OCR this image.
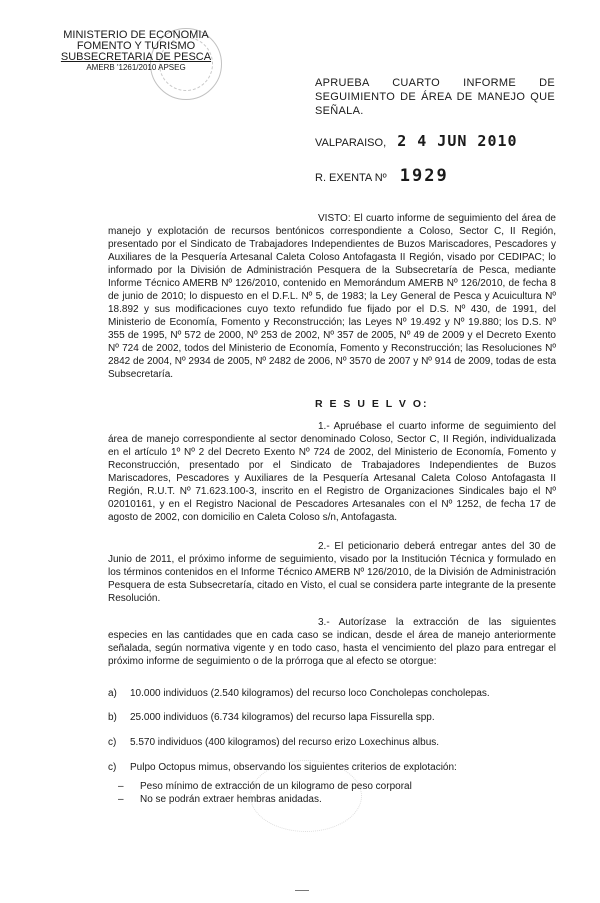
MINISTERIO DE ECONOMIA
FOMENTO Y TURISMO
SUBSECRETARIA DE PESCA
AMERB '1261/2010 APSEG
APRUEBA CUARTO INFORME DE SEGUIMIENTO DE ÁREA DE MANEJO QUE SEÑALA.
VALPARAISO, 2 4 JUN 2010
R. EXENTA Nº 1929
VISTO: El cuarto informe de seguimiento del área de manejo y explotación de recursos bentónicos correspondiente a Coloso, Sector C, II Región, presentado por el Sindicato de Trabajadores Independientes de Buzos Mariscadores, Pescadores y Auxiliares de la Pesquería Artesanal Caleta Coloso Antofagasta II Región, visado por CEDIPAC; lo informado por la División de Administración Pesquera de la Subsecretaría de Pesca, mediante Informe Técnico AMERB Nº 126/2010, contenido en Memorándum AMERB Nº 126/2010, de fecha 8 de junio de 2010; lo dispuesto en el D.F.L. Nº 5, de 1983; la Ley General de Pesca y Acuicultura Nº 18.892 y sus modificaciones cuyo texto refundido fue fijado por el D.S. Nº 430, de 1991, del Ministerio de Economía, Fomento y Reconstrucción; las Leyes Nº 19.492 y Nº 19.880; los D.S. Nº 355 de 1995, Nº 572 de 2000, Nº 253 de 2002, Nº 357 de 2005, Nº 49 de 2009 y el Decreto Exento Nº 724 de 2002, todos del Ministerio de Economía, Fomento y Reconstrucción; las Resoluciones Nº 2842 de 2004, Nº 2934 de 2005, Nº 2482 de 2006, Nº 3570 de 2007 y Nº 914 de 2009, todas de esta Subsecretaría.
R E S U E L V O:
1.- Apruébase el cuarto informe de seguimiento del área de manejo correspondiente al sector denominado Coloso, Sector C, II Región, individualizada en el artículo 1º Nº 2 del Decreto Exento Nº 724 de 2002, del Ministerio de Economía, Fomento y Reconstrucción, presentado por el Sindicato de Trabajadores Independientes de Buzos Mariscadores, Pescadores y Auxiliares de la Pesquería Artesanal Caleta Coloso Antofagasta II Región, R.U.T. Nº 71.623.100-3, inscrito en el Registro de Organizaciones Sindicales bajo el Nº 02010161, y en el Registro Nacional de Pescadores Artesanales con el Nº 1252, de fecha 17 de agosto de 2002, con domicilio en Caleta Coloso s/n, Antofagasta.
2.- El peticionario deberá entregar antes del 30 de Junio de 2011, el próximo informe de seguimiento, visado por la Institución Técnica y formulado en los términos contenidos en el Informe Técnico AMERB Nº 126/2010, de la División de Administración Pesquera de esta Subsecretaría, citado en Visto, el cual se considera parte integrante de la presente Resolución.
3.- Autorízase la extracción de las siguientes especies en las cantidades que en cada caso se indican, desde el área de manejo anteriormente señalada, según normativa vigente y en todo caso, hasta el vencimiento del plazo para entregar el próximo informe de seguimiento o de la prórroga que al efecto se otorgue:
a) 10.000 individuos (2.540 kilogramos) del recurso loco Concholepas concholepas.
b) 25.000 individuos (6.734 kilogramos) del recurso lapa Fissurella spp.
c) 5.570 individuos (400 kilogramos) del recurso erizo Loxechinus albus.
c) Pulpo Octopus mimus, observando los siguientes criterios de explotación:
– Peso mínimo de extracción de un kilogramo de peso corporal
– No se podrán extraer hembras anidadas.
